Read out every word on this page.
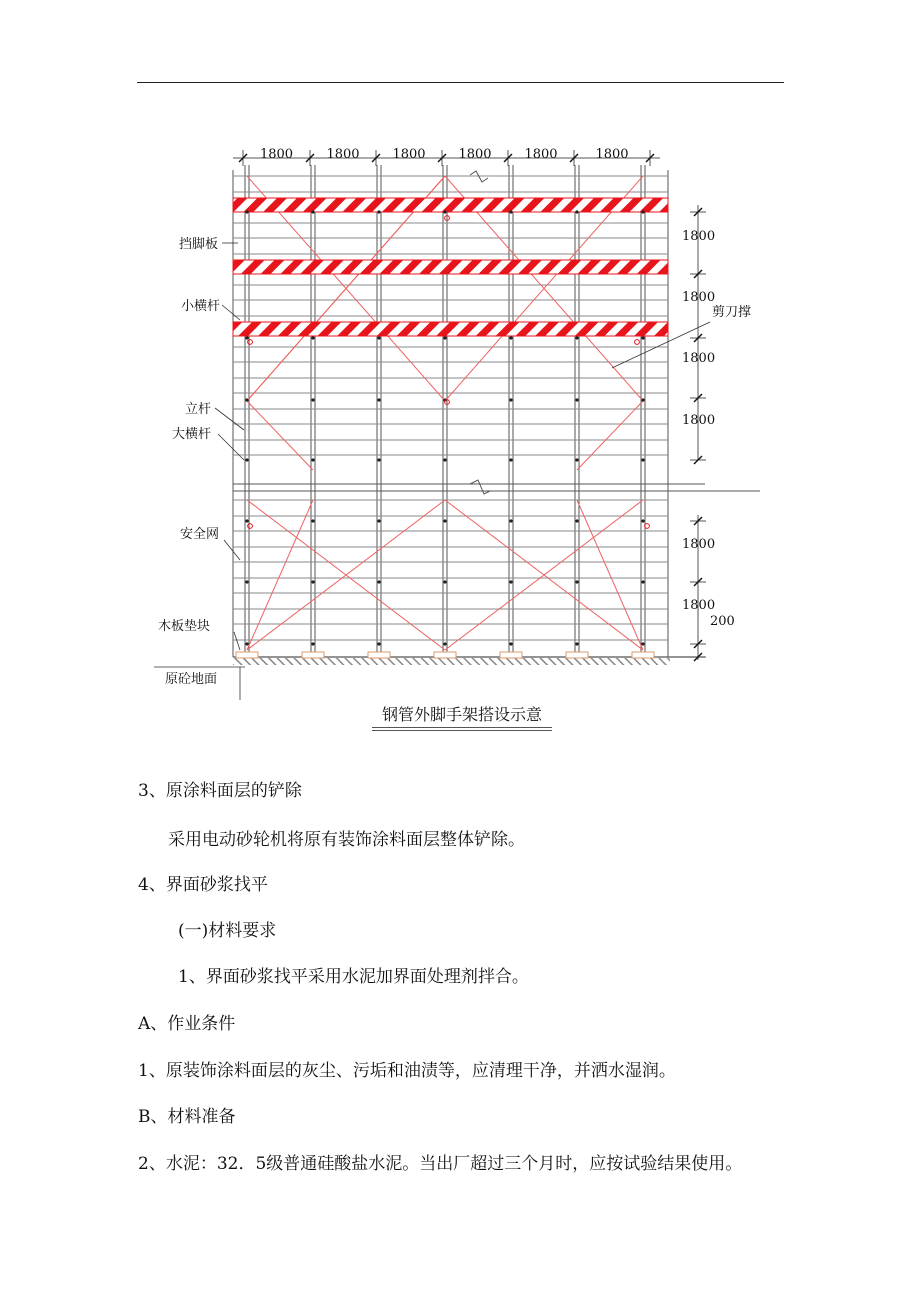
1800	1800	1800	1800	1800	1800
1800
1800
1800
1800
1800
1800
200
挡脚板
小横杆
立杆
大横杆
安全网
木板垫块
原砼地面
剪刀撑
钢管外脚手架搭设示意
3、原涂料面层的铲除
采用电动砂轮机将原有装饰涂料面层整体铲除。
4、界面砂浆找平
(一)材料要求
1、界面砂浆找平采用水泥加界面处理剂拌合。
A、作业条件
1、原装饰涂料面层的灰尘、污垢和油渍等，应清理干净，并洒水湿润。
B、材料准备
2、水泥：32．5级普通硅酸盐水泥。当出厂超过三个月时，应按试验结果使用。
